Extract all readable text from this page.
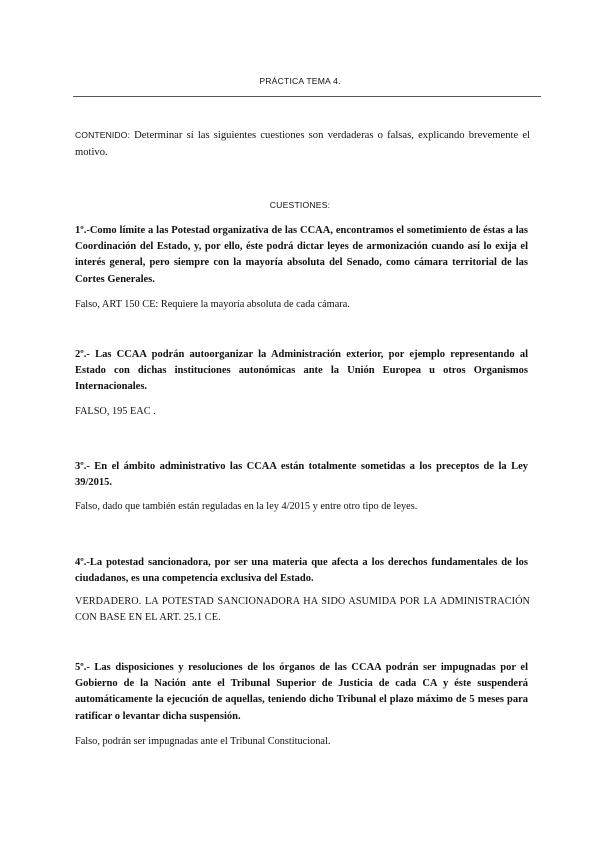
PRÁCTICA TEMA 4.
CONTENIDO: Determinar sí las siguientes cuestiones son verdaderas o falsas, explicando brevemente el motivo.
CUESTIONES:
1º.-Como límite a las Potestad organizativa de las CCAA, encontramos el sometimiento de éstas a las Coordinación del Estado, y, por ello, éste podrá dictar leyes de armonización cuando así lo exija el interés general, pero siempre con la mayoría absoluta del Senado, como cámara territorial de las Cortes Generales.
Falso, ART 150 CE: Requiere la mayoría absoluta de cada cámara.
2º.- Las CCAA podrán autoorganizar la Administración exterior, por ejemplo representando al Estado con dichas instituciones autonómicas ante la Unión Europea u otros Organismos Internacionales.
FALSO, 195 EAC .
3º.- En el ámbito administrativo las CCAA están totalmente sometidas a los preceptos de la Ley 39/2015.
Falso, dado que también están reguladas en la ley 4/2015 y entre otro tipo de leyes.
4º.-La potestad sancionadora, por ser una materia que afecta a los derechos fundamentales de los ciudadanos, es una competencia exclusiva del Estado.
VERDADERO. LA POTESTAD SANCIONADORA HA SIDO ASUMIDA POR LA ADMINISTRACIÓN CON BASE EN EL ART. 25.1 CE.
5º.- Las disposiciones y resoluciones de los órganos de las CCAA podrán ser impugnadas por el Gobierno de la Nación ante el Tribunal Superior de Justicia de cada CA y éste suspenderá automáticamente la ejecución de aquellas, teniendo dicho Tribunal el plazo máximo de 5 meses para ratificar o levantar dicha suspensión.
Falso, podrán ser impugnadas ante el Tribunal Constitucional.
